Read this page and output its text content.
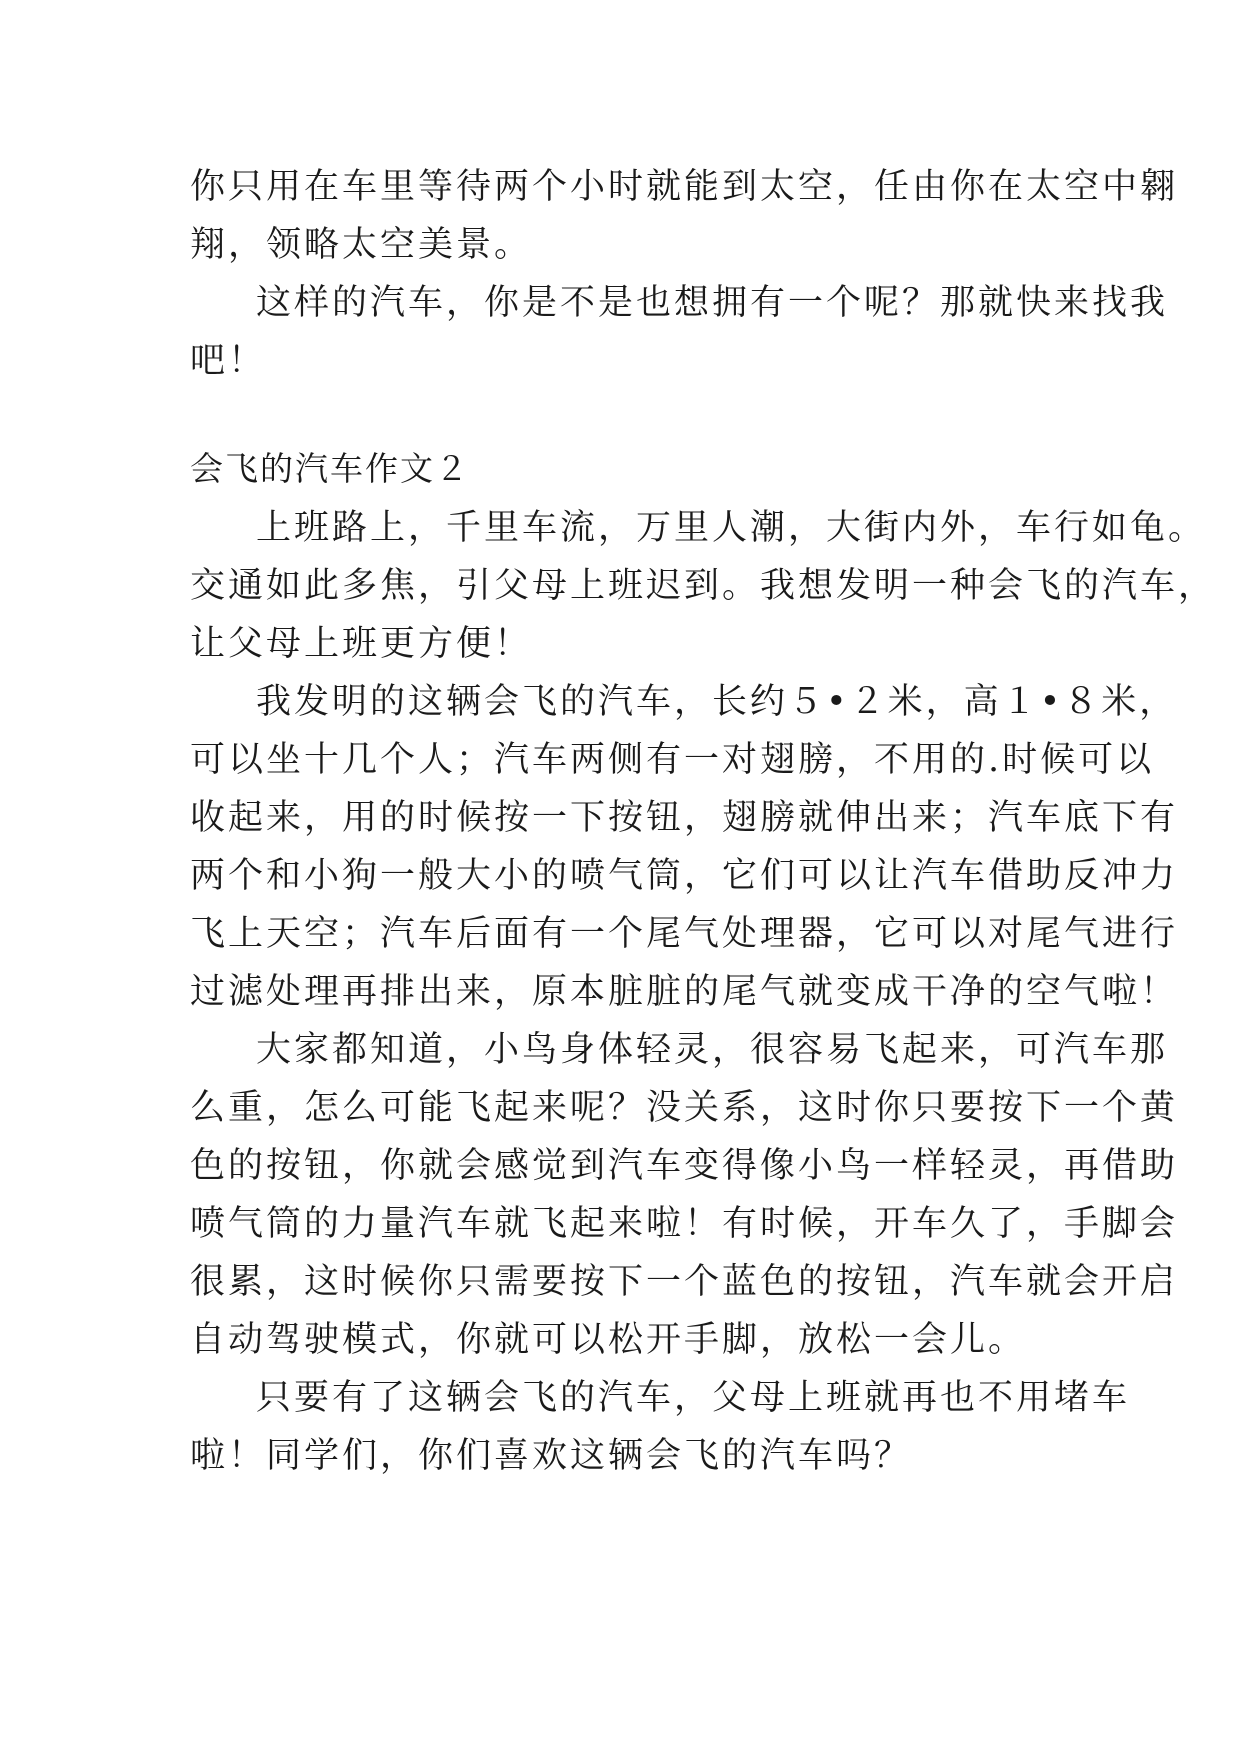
你只用在车里等待两个小时就能到太空，任由你在太空中翱
翔，领略太空美景。
这样的汽车，你是不是也想拥有一个呢？那就快来找我
吧！
会飞的汽车作文２
上班路上，千里车流，万里人潮，大街内外，车行如龟。
交通如此多焦，引父母上班迟到。我想发明一种会飞的汽车，
让父母上班更方便！
我发明的这辆会飞的汽车，长约５•２米，高１•８米，
可以坐十几个人；汽车两侧有一对翅膀，不用的.时候可以
收起来，用的时候按一下按钮，翅膀就伸出来；汽车底下有
两个和小狗一般大小的喷气筒，它们可以让汽车借助反冲力
飞上天空；汽车后面有一个尾气处理器，它可以对尾气进行
过滤处理再排出来，原本脏脏的尾气就变成干净的空气啦！
大家都知道，小鸟身体轻灵，很容易飞起来，可汽车那
么重，怎么可能飞起来呢？没关系，这时你只要按下一个黄
色的按钮，你就会感觉到汽车变得像小鸟一样轻灵，再借助
喷气筒的力量汽车就飞起来啦！有时候，开车久了，手脚会
很累，这时候你只需要按下一个蓝色的按钮，汽车就会开启
自动驾驶模式，你就可以松开手脚，放松一会儿。
只要有了这辆会飞的汽车，父母上班就再也不用堵车
啦！同学们，你们喜欢这辆会飞的汽车吗？
